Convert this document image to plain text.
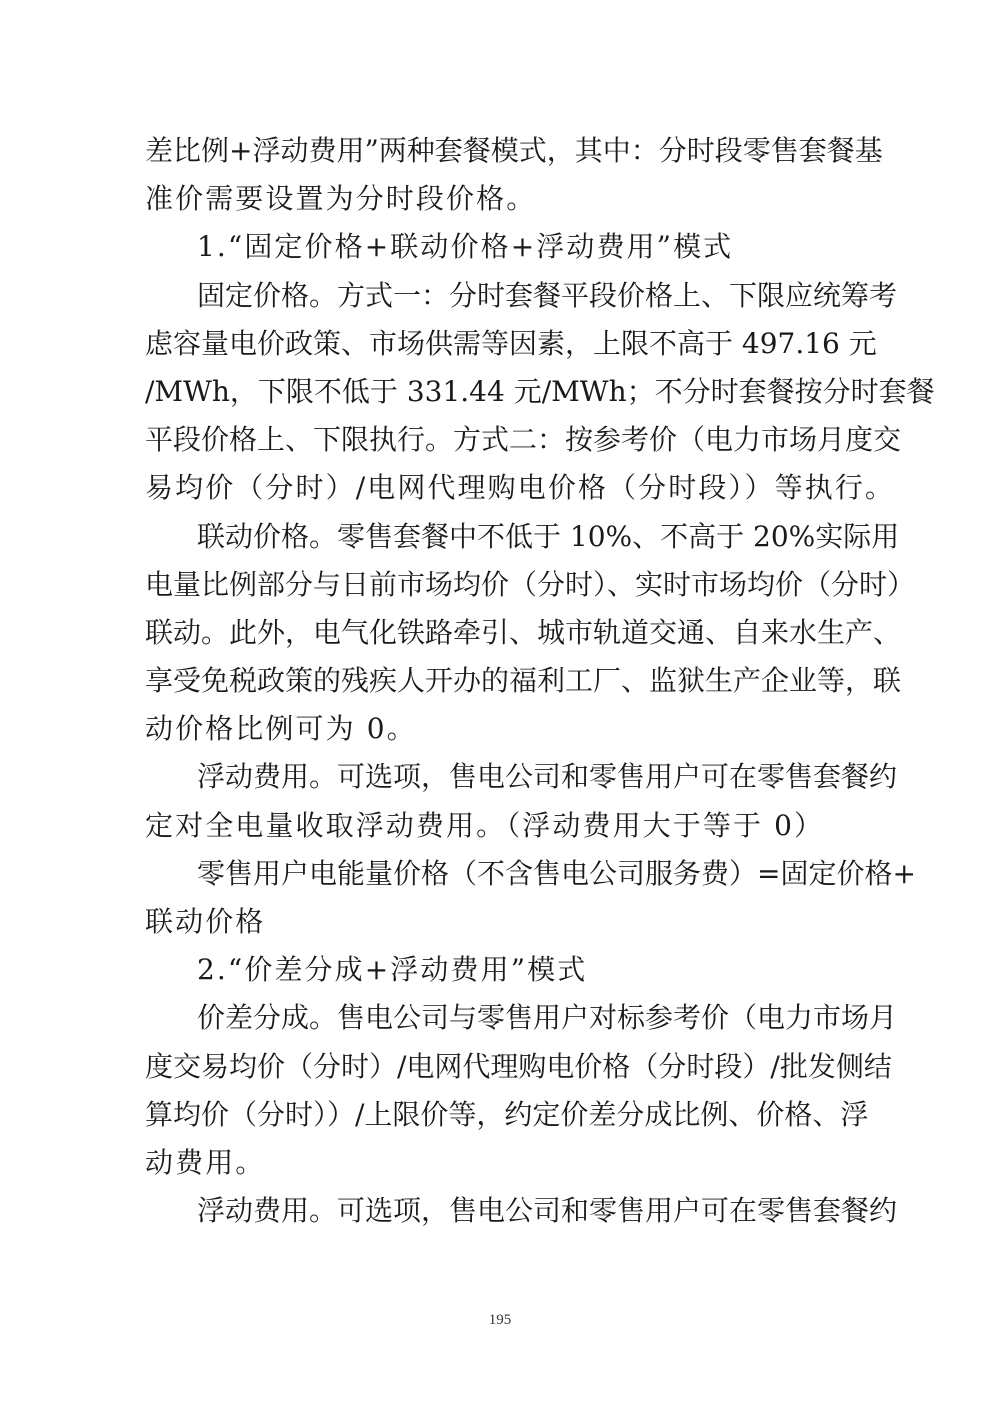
差比例+浮动费用”两种套餐模式，其中：分时段零售套餐基
准价需要设置为分时段价格。
1.“固定价格+联动价格+浮动费用”模式
固定价格。方式一：分时套餐平段价格上、下限应统筹考
虑容量电价政策、市场供需等因素，上限不高于 497.16 元
/MWh，下限不低于 331.44 元/MWh；不分时套餐按分时套餐
平段价格上、下限执行。方式二：按参考价（电力市场月度交
易均价（分时）/电网代理购电价格（分时段））等执行。
联动价格。零售套餐中不低于 10%、不高于 20%实际用
电量比例部分与日前市场均价（分时）、实时市场均价（分时）
联动。此外，电气化铁路牵引、城市轨道交通、自来水生产、
享受免税政策的残疾人开办的福利工厂、监狱生产企业等，联
动价格比例可为 0。
浮动费用。可选项，售电公司和零售用户可在零售套餐约
定对全电量收取浮动费用。（浮动费用大于等于 0）
零售用户电能量价格（不含售电公司服务费）=固定价格+
联动价格
2.“价差分成+浮动费用”模式
价差分成。售电公司与零售用户对标参考价（电力市场月
度交易均价（分时）/电网代理购电价格（分时段）/批发侧结
算均价（分时））/上限价等，约定价差分成比例、价格、浮
动费用。
浮动费用。可选项，售电公司和零售用户可在零售套餐约
195
